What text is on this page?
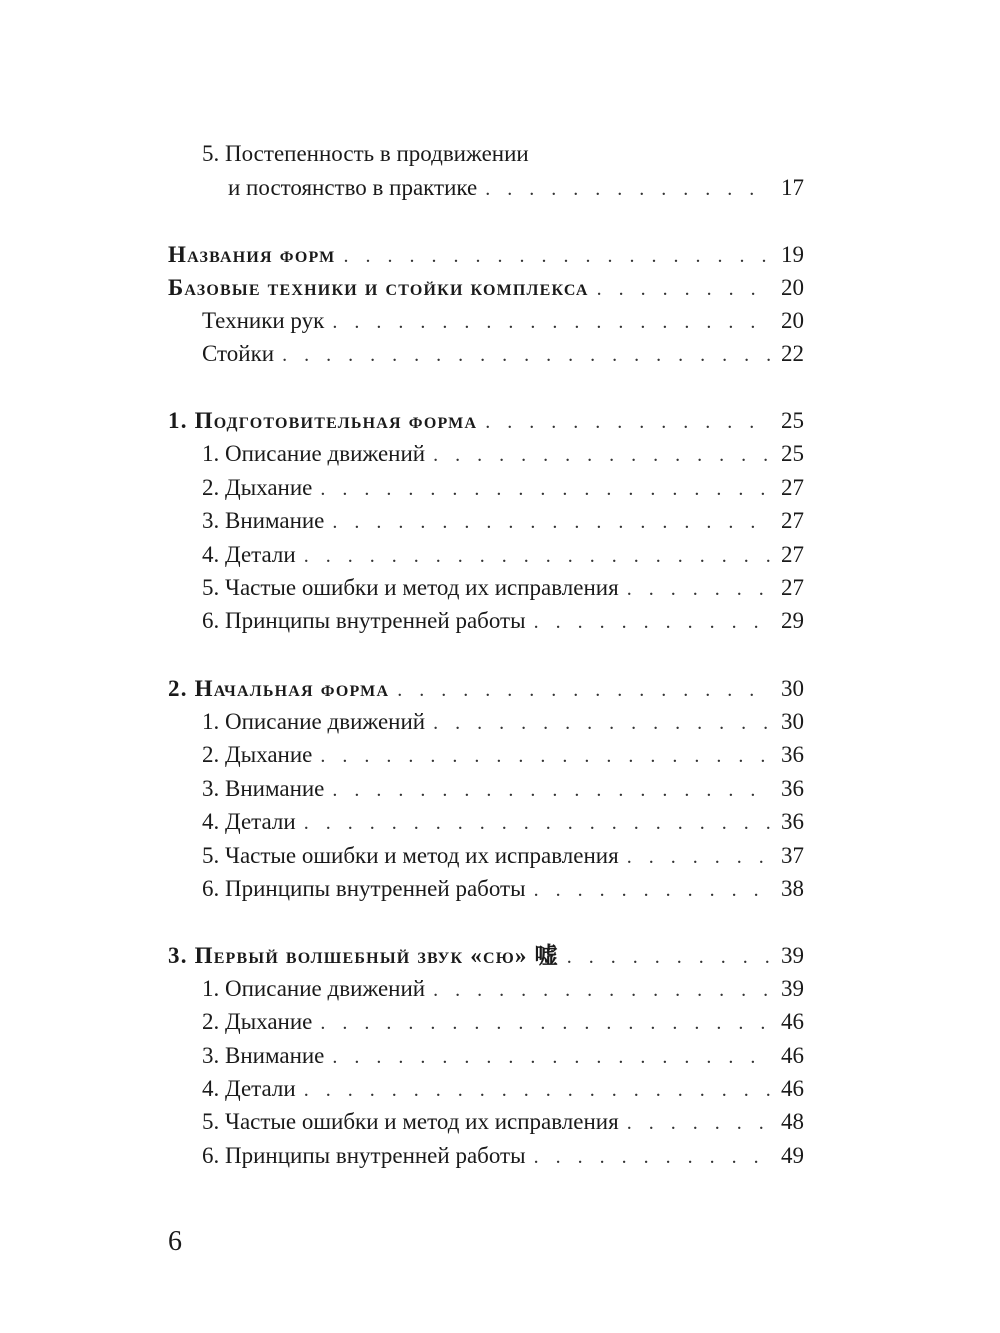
5. Постепенность в продвижении
и постоянство в практике . . .	17
Названия форм . . .	19
Базовые техники и стойки комплекса . . .	20
Техники рук . . .	20
Стойки . . .	22
1. Подготовительная форма . . .	25
1. Описание движений . . .	25
2. Дыхание . . .	27
3. Внимание . . .	27
4. Детали . . .	27
5. Частые ошибки и метод их исправления . . .	27
6. Принципы внутренней работы . . .	29
2. Начальная форма . . .	30
1. Описание движений . . .	30
2. Дыхание . . .	36
3. Внимание . . .	36
4. Детали . . .	36
5. Частые ошибки и метод их исправления . . .	37
6. Принципы внутренней работы . . .	38
3. Первый волшебный звук «сю» 嘘 . . .	39
1. Описание движений . . .	39
2. Дыхание . . .	46
3. Внимание . . .	46
4. Детали . . .	46
5. Частые ошибки и метод их исправления . . .	48
6. Принципы внутренней работы . . .	49
6
